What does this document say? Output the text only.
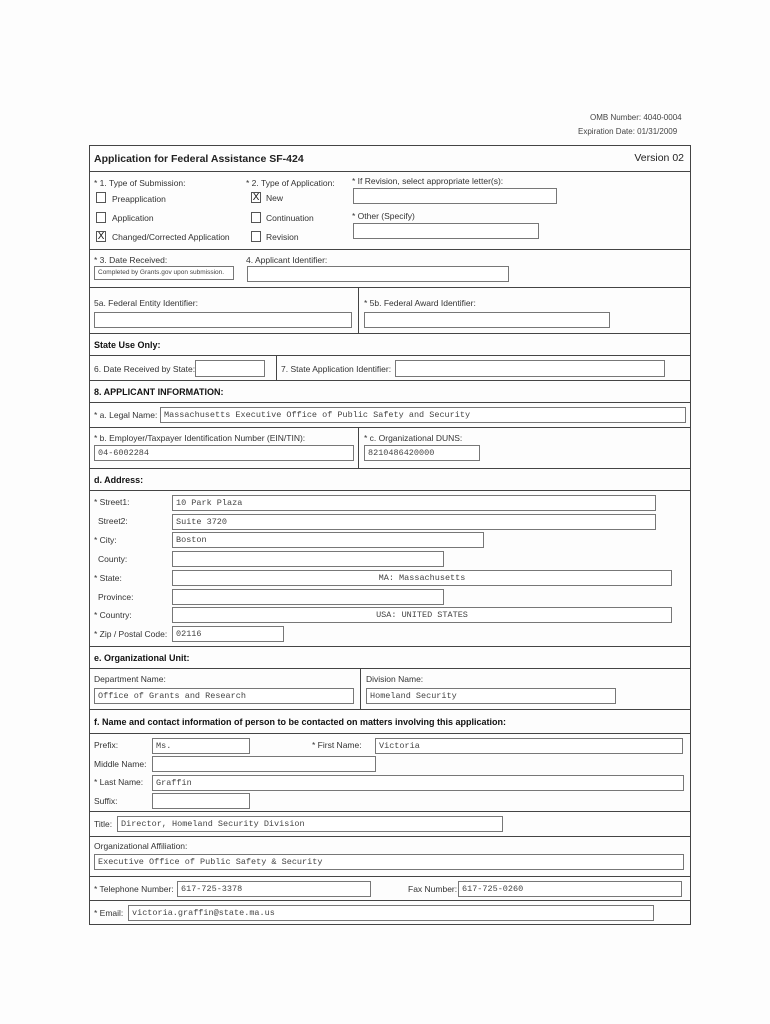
OMB Number: 4040-0004
Expiration Date: 01/31/2009
Application for Federal Assistance SF-424	Version 02
* 1. Type of Submission:
Preapplication
Application
X Changed/Corrected Application
* 2. Type of Application:
X New
Continuation
Revision
* If Revision, select appropriate letter(s):
* Other (Specify)
* 3. Date Received:
Completed by Grants.gov upon submission.
4. Applicant Identifier:
5a. Federal Entity Identifier:	* 5b. Federal Award Identifier:
State Use Only:
6. Date Received by State:	7. State Application Identifier:
8. APPLICANT INFORMATION:
* a. Legal Name: Massachusetts Executive Office of Public Safety and Security
* b. Employer/Taxpayer Identification Number (EIN/TIN):
04-6002284
* c. Organizational DUNS:
8210486420000
d. Address:
* Street1:	10 Park Plaza
Street2:	Suite 3720
* City:	Boston
County:
* State:	MA: Massachusetts
Province:
* Country:	USA: UNITED STATES
* Zip / Postal Code:	02116
e. Organizational Unit:
Department Name:
Office of Grants and Research
Division Name:
Homeland Security
f. Name and contact information of person to be contacted on matters involving this application:
Prefix:	Ms.	* First Name:	Victoria
Middle Name:
* Last Name:	Graffin
Suffix:
Title:	Director, Homeland Security Division
Organizational Affiliation:
Executive Office of Public Safety & Security
* Telephone Number: 617-725-3378	Fax Number: 617-725-0260
* Email:	victoria.graffin@state.ma.us
